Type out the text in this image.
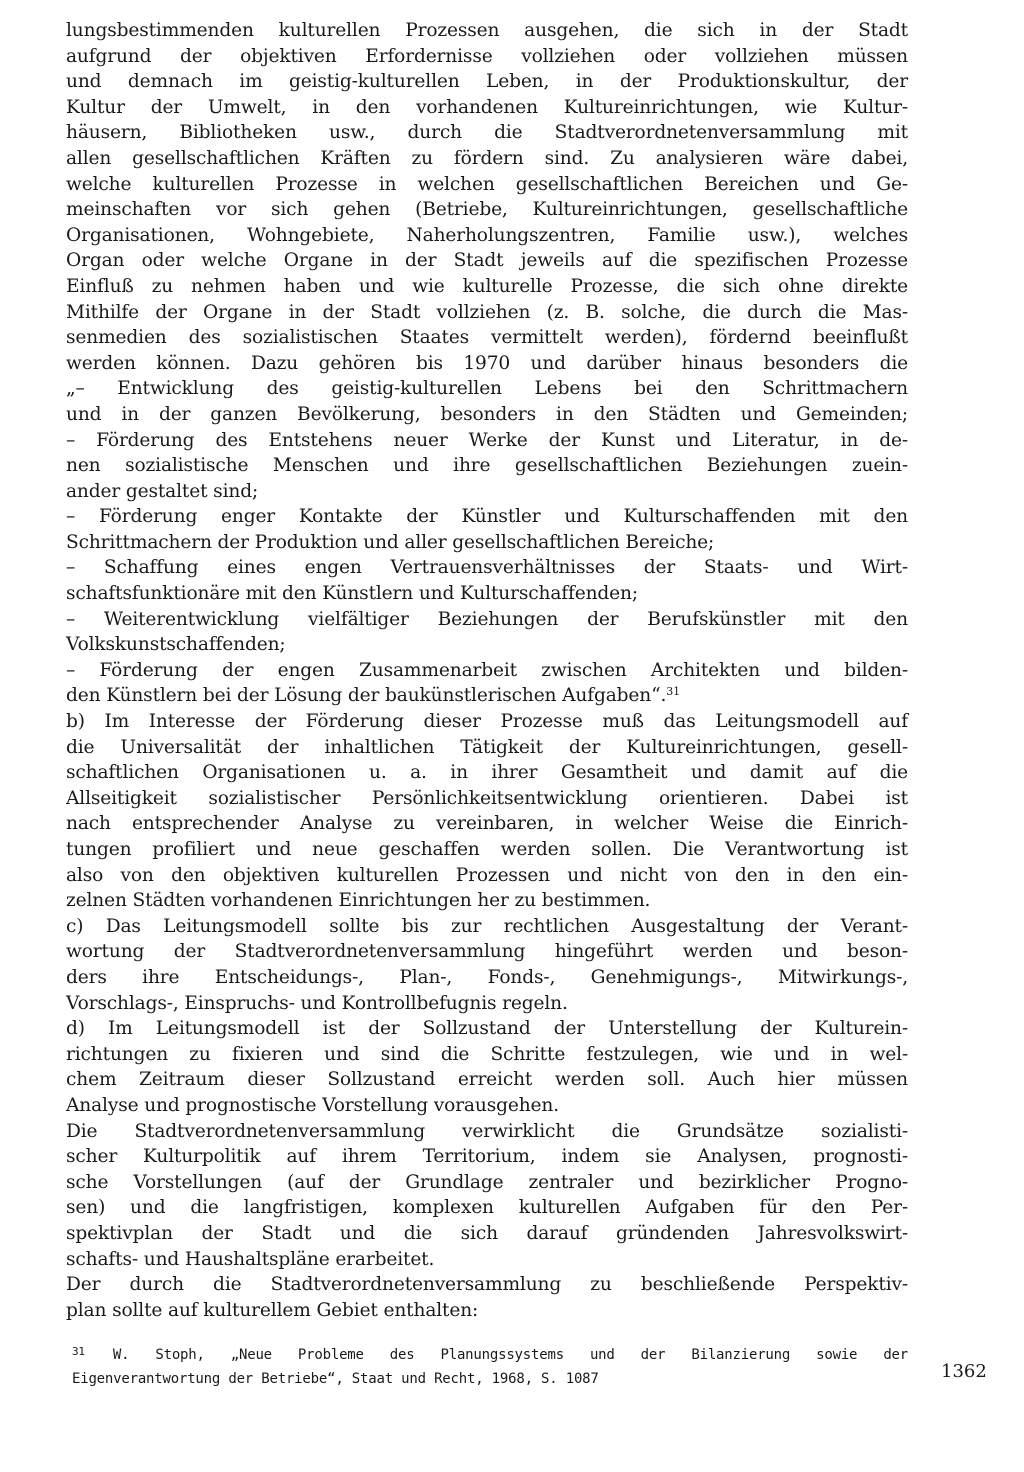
lungsbestimmenden kulturellen Prozessen ausgehen, die sich in der Stadt
aufgrund der objektiven Erfordernisse vollziehen oder vollziehen müssen
und demnach im geistig-kulturellen Leben, in der Produktionskultur, der
Kultur der Umwelt, in den vorhandenen Kultureinrichtungen, wie Kultur-
häusern, Bibliotheken usw., durch die Stadtverordnetenversammlung mit
allen gesellschaftlichen Kräften zu fördern sind. Zu analysieren wäre dabei,
welche kulturellen Prozesse in welchen gesellschaftlichen Bereichen und Ge-
meinschaften vor sich gehen (Betriebe, Kultureinrichtungen, gesellschaftliche
Organisationen, Wohngebiete, Naherholungszentren, Familie usw.), welches
Organ oder welche Organe in der Stadt jeweils auf die spezifischen Prozesse
Einfluß zu nehmen haben und wie kulturelle Prozesse, die sich ohne direkte
Mithilfe der Organe in der Stadt vollziehen (z. B. solche, die durch die Mas-
senmedien des sozialistischen Staates vermittelt werden), fördernd beeinflußt
werden können. Dazu gehören bis 1970 und darüber hinaus besonders die
„– Entwicklung des geistig-kulturellen Lebens bei den Schrittmachern
und in der ganzen Bevölkerung, besonders in den Städten und Gemeinden;
– Förderung des Entstehens neuer Werke der Kunst und Literatur, in de-
nen sozialistische Menschen und ihre gesellschaftlichen Beziehungen zuein-
ander gestaltet sind;
– Förderung enger Kontakte der Künstler und Kulturschaffenden mit den
Schrittmachern der Produktion und aller gesellschaftlichen Bereiche;
– Schaffung eines engen Vertrauensverhältnisses der Staats- und Wirt-
schaftsfunktionäre mit den Künstlern und Kulturschaffenden;
– Weiterentwicklung vielfältiger Beziehungen der Berufskünstler mit den
Volkskunstschaffenden;
– Förderung der engen Zusammenarbeit zwischen Architekten und bilden-
den Künstlern bei der Lösung der baukünstlerischen Aufgaben“.$^{31}$
b) Im Interesse der Förderung dieser Prozesse muß das Leitungsmodell auf
die Universalität der inhaltlichen Tätigkeit der Kultureinrichtungen, gesell-
schaftlichen Organisationen u. a. in ihrer Gesamtheit und damit auf die
Allseitigkeit sozialistischer Persönlichkeitsentwicklung orientieren. Dabei ist
nach entsprechender Analyse zu vereinbaren, in welcher Weise die Einrich-
tungen profiliert und neue geschaffen werden sollen. Die Verantwortung ist
also von den objektiven kulturellen Prozessen und nicht von den in den ein-
zelnen Städten vorhandenen Einrichtungen her zu bestimmen.
c) Das Leitungsmodell sollte bis zur rechtlichen Ausgestaltung der Verant-
wortung der Stadtverordnetenversammlung hingeführt werden und beson-
ders ihre Entscheidungs-, Plan-, Fonds-, Genehmigungs-, Mitwirkungs-,
Vorschlags-, Einspruchs- und Kontrollbefugnis regeln.
d) Im Leitungsmodell ist der Sollzustand der Unterstellung der Kulturein-
richtungen zu fixieren und sind die Schritte festzulegen, wie und in wel-
chem Zeitraum dieser Sollzustand erreicht werden soll. Auch hier müssen
Analyse und prognostische Vorstellung vorausgehen.
Die Stadtverordnetenversammlung verwirklicht die Grundsätze sozialisti-
scher Kulturpolitik auf ihrem Territorium, indem sie Analysen, prognosti-
sche Vorstellungen (auf der Grundlage zentraler und bezirklicher Progno-
sen) und die langfristigen, komplexen kulturellen Aufgaben für den Per-
spektivplan der Stadt und die sich darauf gründenden Jahresvolkswirt-
schafts- und Haushaltspläne erarbeitet.
Der durch die Stadtverordnetenversammlung zu beschließende Perspektiv-
plan sollte auf kulturellem Gebiet enthalten:
$^{31}$ W. Stoph, „Neue Probleme des Planungssystems und der Bilanzierung sowie der
Eigenverantwortung der Betriebe“, Staat und Recht, 1968, S. 1087	1362
